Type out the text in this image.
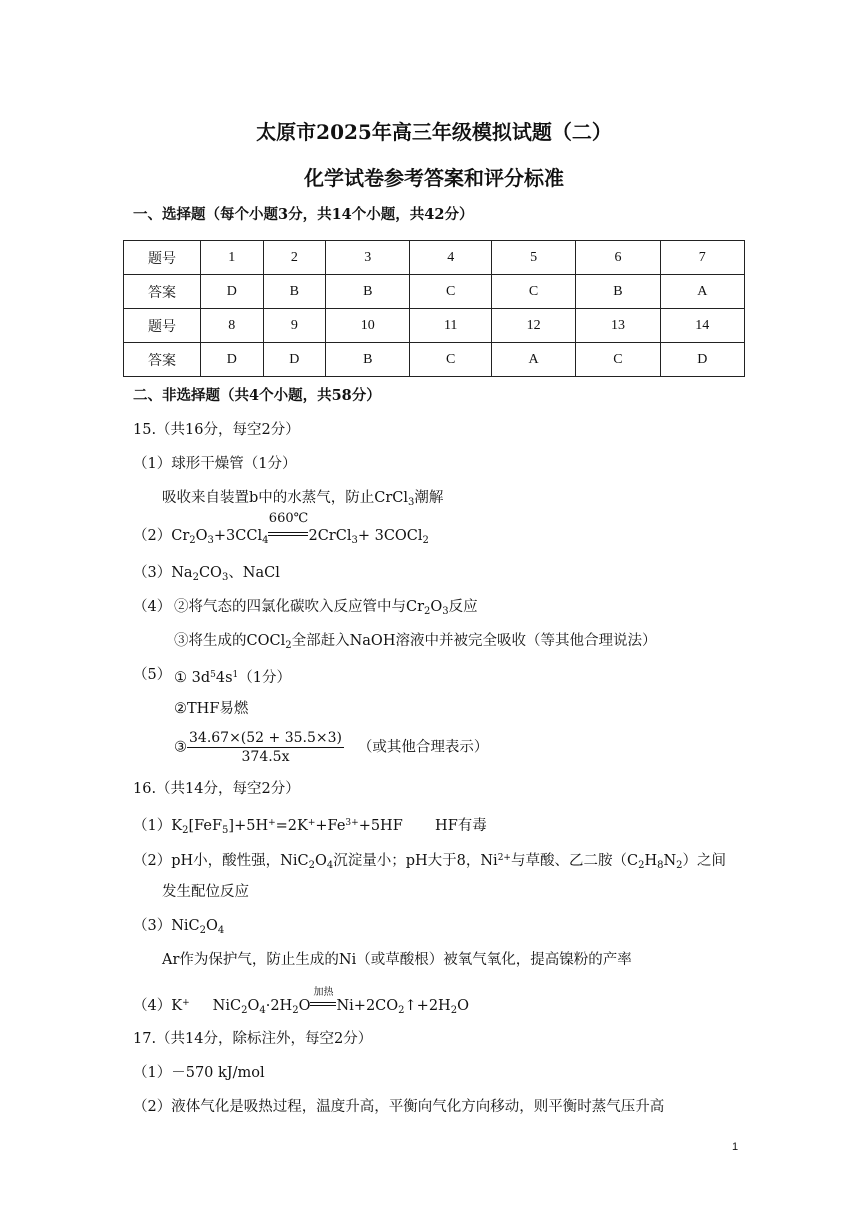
太原市2025年高三年级模拟试题（二）
化学试卷参考答案和评分标准
一、选择题（每个小题3分，共14个小题，共42分）
题号	1	2	3	4	5	6	7
答案	D	B	B	C	C	B	A
题号	8	9	10	11	12	13	14
答案	D	D	B	C	A	C	D
二、非选择题（共4个小题，共58分）
15.（共16分，每空2分）
（1）球形干燥管（1分）
吸收来自装置b中的水蒸气，防止CrCl$_3$潮解
$(2)Cr_2O_3+3CCl_4$
660℃
2CrCl$_3$+ 3COCl$_2$
$(3)Na_2CO_3$、NaCl
（4） ②将气态的四氯化碳吹入反应管中与$Cr_2O_3$反应
③将生成的COCl$_2$全部赶入NaOH溶液中并被完全吸收（等其他合理说法）
（5） ① $3d^54s^1(1$分）
②THF易燃
③ $\frac{34.67\times(52 + 35.5\times 3)}{374.5x}$ （或其他合理表示）
16.（共14分，每空2分）
$(1)K_2[FeF_5]+5H^+=2K^++Fe^{3+}+5HF$       HF有毒
（2）pH小，酸性强，$NiC_2O_4$沉淀量小；pH大于8，$Ni^{2+}$与草酸、乙二胺$(C_2H_8N_2)$之间
发生配位反应
$(3)NiC_2O_4$
Ar作为保护气，防止生成的Ni（或草酸根）被氧气氧化，提高镍粉的产率
（4）K+     $NiC_2O_4\cdot 2H_2O$
加热
$Ni+2CO_2↑+2H_2O$
17.（共14分，除标注外，每空2分）
（1）－570 kJ/mol
（2）液体气化是吸热过程，温度升高，平衡向气化方向移动，则平衡时蒸气压升高
1
